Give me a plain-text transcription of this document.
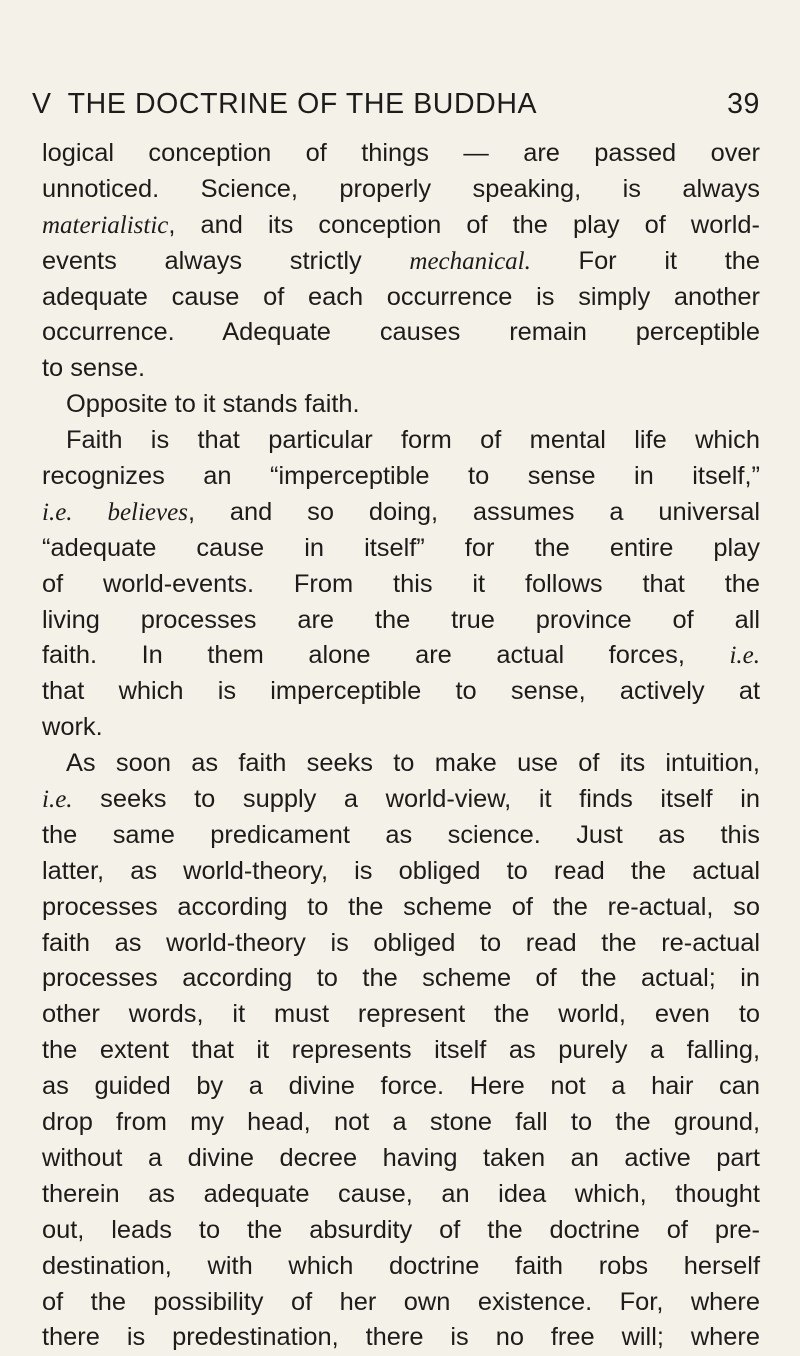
V THE DOCTRINE OF THE BUDDHA	39
logical conception of things — are passed over
unnoticed. Science, properly speaking, is always
materialistic, and its conception of the play of world-
events always strictly mechanical. For it the
adequate cause of each occurrence is simply another
occurrence. Adequate causes remain perceptible
to sense.
Opposite to it stands faith.
Faith is that particular form of mental life which
recognizes an “imperceptible to sense in itself,”
i.e. believes, and so doing, assumes a universal
“adequate cause in itself” for the entire play
of world-events. From this it follows that the
living processes are the true province of all
faith. In them alone are actual forces, i.e.
that which is imperceptible to sense, actively at
work.
As soon as faith seeks to make use of its intuition,
i.e. seeks to supply a world-view, it finds itself in
the same predicament as science. Just as this
latter, as world-theory, is obliged to read the actual
processes according to the scheme of the re-actual, so
faith as world-theory is obliged to read the re-actual
processes according to the scheme of the actual; in
other words, it must represent the world, even to
the extent that it represents itself as purely a falling,
as guided by a divine force. Here not a hair can
drop from my head, not a stone fall to the ground,
without a divine decree having taken an active part
therein as adequate cause, an idea which, thought
out, leads to the absurdity of the doctrine of pre-
destination, with which doctrine faith robs herself
of the possibility of her own existence. For, where
there is predestination, there is no free will; where
